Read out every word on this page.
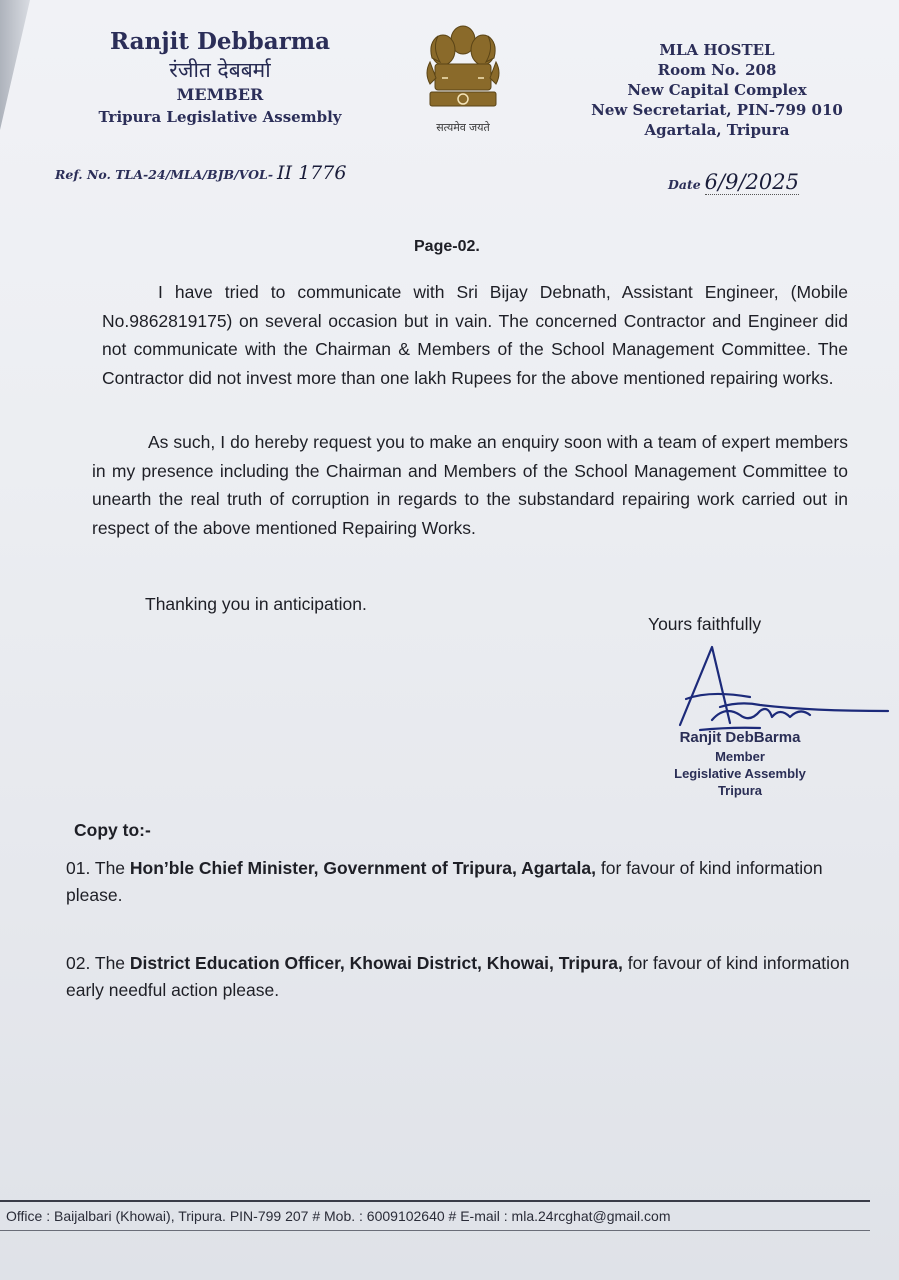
Ranjit Debbarma
रंजीत देबबर्मा
MEMBER
Tripura Legislative Assembly
सत्यमेव जयते
MLA HOSTEL
Room No. 208
New Capital Complex
New Secretariat, PIN-799 010
Agartala, Tripura
Ref. No. TLA-24/MLA/BJB/VOL- II 1776
Date 6/9/2025
Page-02.
I have tried to communicate with Sri Bijay Debnath, Assistant Engineer, (Mobile No.9862819175) on several occasion but in vain. The concerned Contractor and Engineer did not communicate with the Chairman & Members of the School Management Committee. The Contractor did not invest more than one lakh Rupees for the above mentioned repairing works.
As such, I do hereby request you to make an enquiry soon with a team of expert members in my presence including the Chairman and Members of the School Management Committee to unearth the real truth of corruption in regards to the substandard repairing work carried out in respect of the above mentioned Repairing Works.
Thanking you in anticipation.
Yours faithfully
Ranjit DebBarma
Member
Legislative Assembly
Tripura
Copy to:-
01. The Hon’ble Chief Minister, Government of Tripura, Agartala, for favour of kind information please.
02. The District Education Officer, Khowai District, Khowai, Tripura, for favour of kind information early needful action please.
Office : Baijalbari (Khowai), Tripura. PIN-799 207 # Mob. : 6009102640 # E-mail : mla.24rcghat@gmail.com
